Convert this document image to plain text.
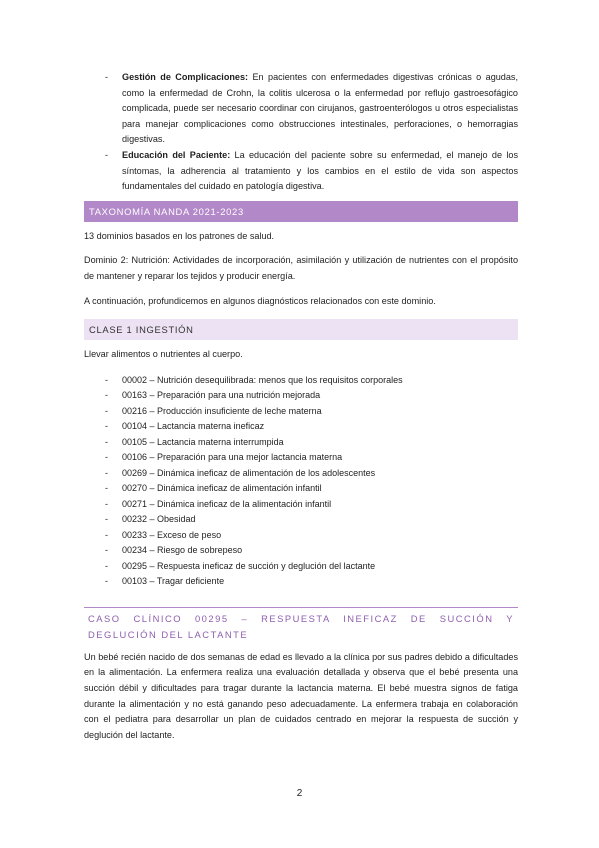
- Gestión de Complicaciones: En pacientes con enfermedades digestivas crónicas o agudas, como la enfermedad de Crohn, la colitis ulcerosa o la enfermedad por reflujo gastroesofágico complicada, puede ser necesario coordinar con cirujanos, gastroenterólogos u otros especialistas para manejar complicaciones como obstrucciones intestinales, perforaciones, o hemorragias digestivas.
- Educación del Paciente: La educación del paciente sobre su enfermedad, el manejo de los síntomas, la adherencia al tratamiento y los cambios en el estilo de vida son aspectos fundamentales del cuidado en patología digestiva.
TAXONOMÍA NANDA 2021-2023

13 dominios basados en los patrones de salud.

Dominio 2: Nutrición: Actividades de incorporación, asimilación y utilización de nutrientes con el propósito de mantener y reparar los tejidos y producir energía.

A continuación, profundicemos en algunos diagnósticos relacionados con este dominio.

CLASE 1 INGESTIÓN

Llevar alimentos o nutrientes al cuerpo.

- 00002 – Nutrición desequilibrada: menos que los requisitos corporales
- 00163 – Preparación para una nutrición mejorada
- 00216 – Producción insuficiente de leche materna
- 00104 – Lactancia materna ineficaz
- 00105 – Lactancia materna interrumpida
- 00106 – Preparación para una mejor lactancia materna
- 00269 – Dinámica ineficaz de alimentación de los adolescentes
- 00270 – Dinámica ineficaz de alimentación infantil
- 00271 – Dinámica ineficaz de la alimentación infantil
- 00232 – Obesidad
- 00233 – Exceso de peso
- 00234 – Riesgo de sobrepeso
- 00295 – Respuesta ineficaz de succión y deglución del lactante
- 00103 – Tragar deficiente
CASO CLÍNICO 00295 – RESPUESTA INEFICAZ DE SUCCIÓN Y DEGLUCIÓN DEL LACTANTE

Un bebé recién nacido de dos semanas de edad es llevado a la clínica por sus padres debido a dificultades en la alimentación. La enfermera realiza una evaluación detallada y observa que el bebé presenta una succión débil y dificultades para tragar durante la lactancia materna. El bebé muestra signos de fatiga durante la alimentación y no está ganando peso adecuadamente. La enfermera trabaja en colaboración con el pediatra para desarrollar un plan de cuidados centrado en mejorar la respuesta de succión y deglución del lactante.

2
